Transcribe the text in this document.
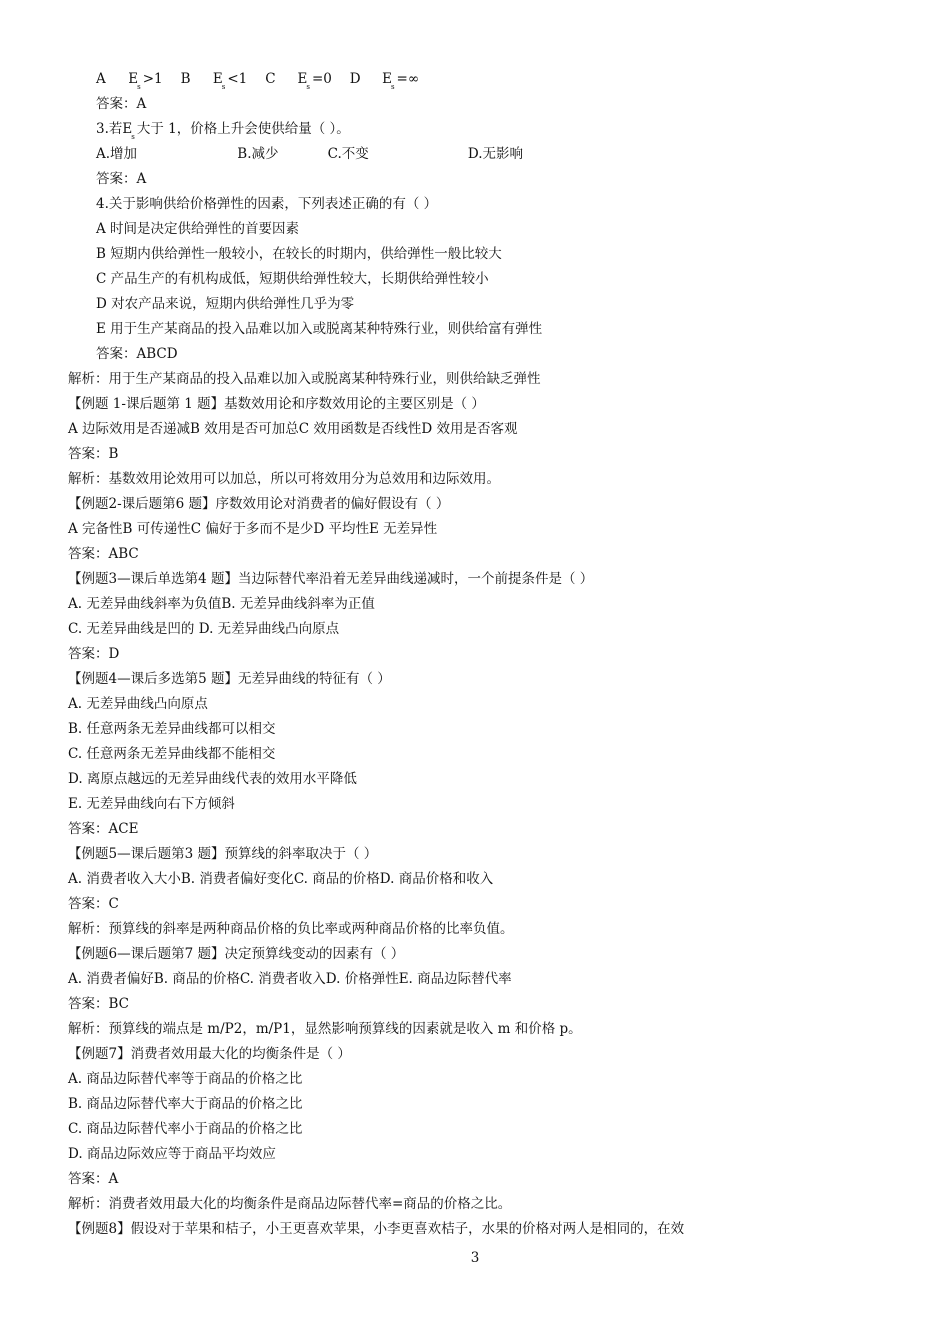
A Es >1 B Es <1 C Es =0 D Es =∞
答案：A
3.若$E_s$ 大于 1，价格上升会使供给量（ ）。
A.增加	B.减少	C.不变	D.无影响
答案：A
4.关于影响供给价格弹性的因素，下列表述正确的有（ ）
A 时间是决定供给弹性的首要因素
B 短期内供给弹性一般较小，在较长的时期内，供给弹性一般比较大
C 产品生产的有机构成低，短期供给弹性较大，长期供给弹性较小
D 对农产品来说，短期内供给弹性几乎为零
E 用于生产某商品的投入品难以加入或脱离某种特殊行业，则供给富有弹性
答案：ABCD
解析：用于生产某商品的投入品难以加入或脱离某种特殊行业，则供给缺乏弹性
【例题 1-课后题第 1 题】基数效用论和序数效用论的主要区别是（ ）
A 边际效用是否递减B 效用是否可加总C 效用函数是否线性D 效用是否客观
答案：B
解析：基数效用论效用可以加总，所以可将效用分为总效用和边际效用。
【例题2-课后题第6 题】序数效用论对消费者的偏好假设有（ ）
A 完备性B 可传递性C 偏好于多而不是少D 平均性E 无差异性
答案：ABC
【例题3—课后单选第4 题】当边际替代率沿着无差异曲线递减时，一个前提条件是（ ）
A. 无差异曲线斜率为负值B. 无差异曲线斜率为正值
C. 无差异曲线是凹的 D. 无差异曲线凸向原点
答案：D
【例题4—课后多选第5 题】无差异曲线的特征有（ ）
A. 无差异曲线凸向原点
B. 任意两条无差异曲线都可以相交
C. 任意两条无差异曲线都不能相交
D. 离原点越远的无差异曲线代表的效用水平降低
E. 无差异曲线向右下方倾斜
答案：ACE
【例题5—课后题第3 题】预算线的斜率取决于（ ）
A. 消费者收入大小B. 消费者偏好变化C. 商品的价格D. 商品价格和收入
答案：C
解析：预算线的斜率是两种商品价格的负比率或两种商品价格的比率负值。
【例题6—课后题第7 题】决定预算线变动的因素有（ ）
A. 消费者偏好B. 商品的价格C. 消费者收入D. 价格弹性E. 商品边际替代率
答案：BC
解析：预算线的端点是 m/P2，m/P1，显然影响预算线的因素就是收入 m 和价格 p。
【例题7】消费者效用最大化的均衡条件是（ ）
A. 商品边际替代率等于商品的价格之比
B. 商品边际替代率大于商品的价格之比
C. 商品边际替代率小于商品的价格之比
D. 商品边际效应等于商品平均效应
答案：A
解析：消费者效用最大化的均衡条件是商品边际替代率=商品的价格之比。
【例题8】假设对于苹果和桔子，小王更喜欢苹果，小李更喜欢桔子，水果的价格对两人是相同的，在效
3
